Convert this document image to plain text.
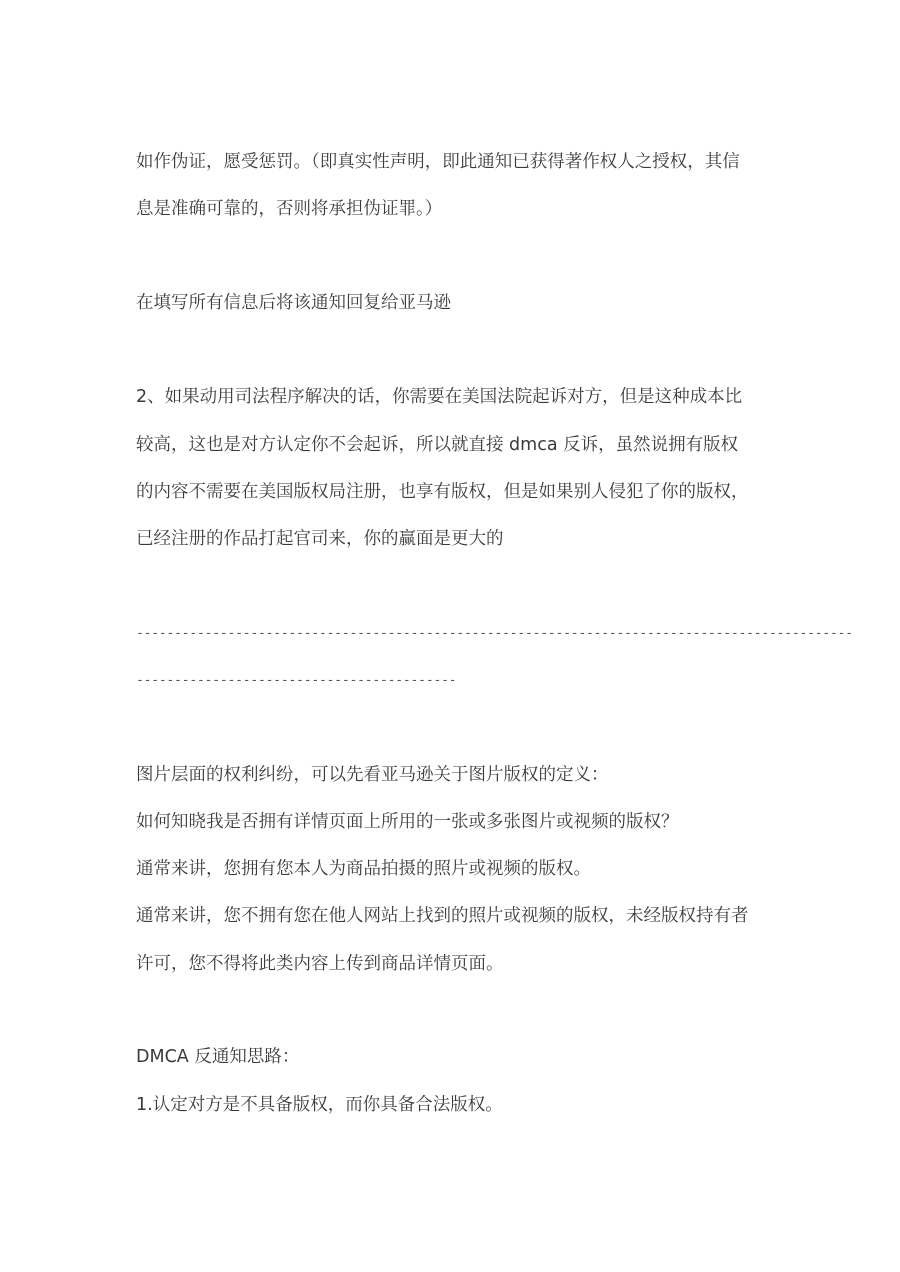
如作伪证，愿受惩罚。（即真实性声明，即此通知已获得著作权人之授权，其信
息是准确可靠的，否则将承担伪证罪。）
在填写所有信息后将该通知回复给亚马逊
2、如果动用司法程序解决的话，你需要在美国法院起诉对方，但是这种成本比
较高，这也是对方认定你不会起诉，所以就直接 dmca 反诉，虽然说拥有版权
的内容不需要在美国版权局注册，也享有版权，但是如果别人侵犯了你的版权，
已经注册的作品打起官司来，你的赢面是更大的
----------------------------------------------------------------------------------------------
------------------------------------------
图片层面的权利纠纷，可以先看亚马逊关于图片版权的定义：
如何知晓我是否拥有详情页面上所用的一张或多张图片或视频的版权？
通常来讲，您拥有您本人为商品拍摄的照片或视频的版权。
通常来讲，您不拥有您在他人网站上找到的照片或视频的版权，未经版权持有者
许可，您不得将此类内容上传到商品详情页面。
DMCA 反通知思路：
1.认定对方是不具备版权，而你具备合法版权。
